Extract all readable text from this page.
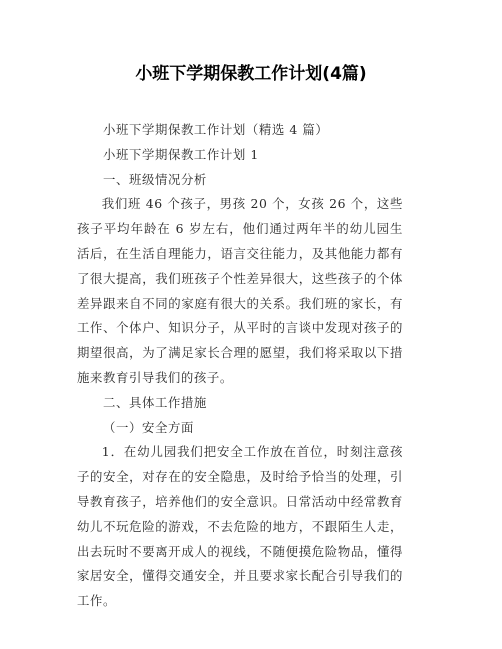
小班下学期保教工作计划(4篇)

小班下学期保教工作计划（精选 4 篇）

小班下学期保教工作计划 1

一、班级情况分析

我们班 46 个孩子，男孩 20 个，女孩 26 个，这些孩子平均年龄在 6 岁左右，他们通过两年半的幼儿园生活后，在生活自理能力，语言交往能力，及其他能力都有了很大提高，我们班孩子个性差异很大，这些孩子的个体差异跟来自不同的家庭有很大的关系。我们班的家长，有工作、个体户、知识分子，从平时的言谈中发现对孩子的期望很高，为了满足家长合理的愿望，我们将采取以下措施来教育引导我们的孩子。

二、具体工作措施

（一）安全方面

1．在幼儿园我们把安全工作放在首位，时刻注意孩子的安全，对存在的安全隐患，及时给予恰当的处理，引导教育孩子，培养他们的安全意识。日常活动中经常教育幼儿不玩危险的游戏，不去危险的地方，不跟陌生人走，出去玩时不要离开成人的视线，不随便摸危险物品，懂得家居安全，懂得交通安全，并且要求家长配合引导我们的工作。
